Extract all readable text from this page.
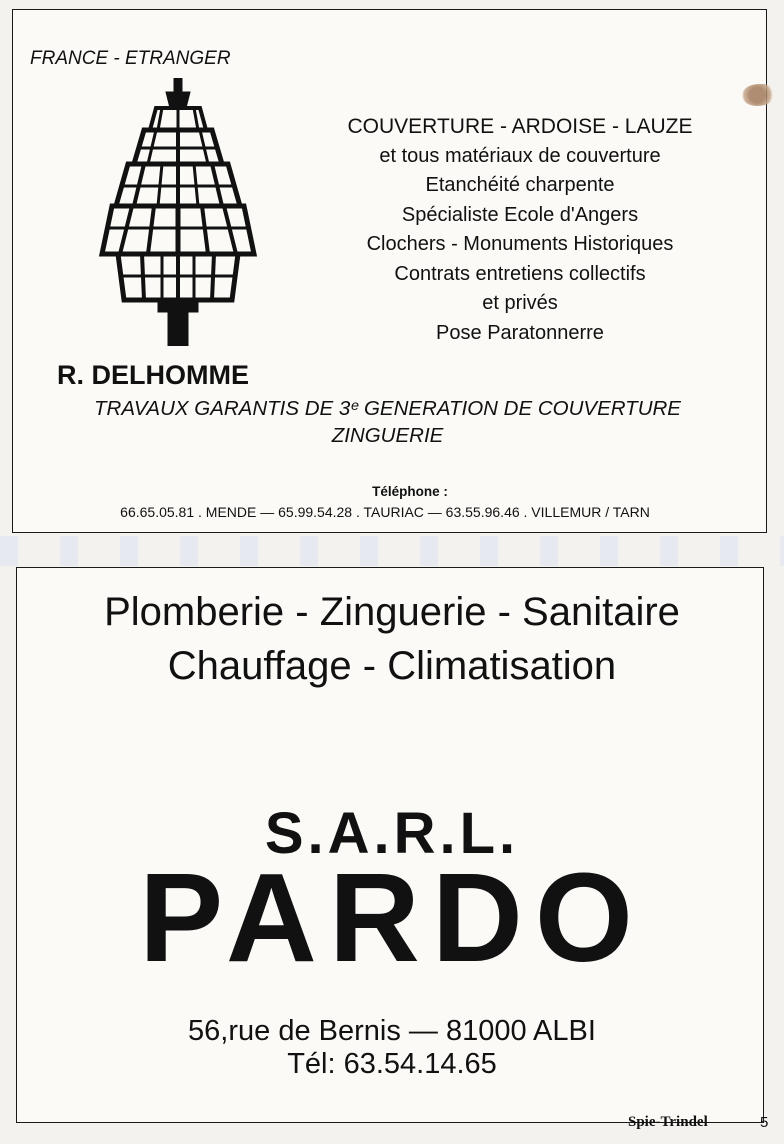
FRANCE - ETRANGER
COUVERTURE - ARDOISE - LAUZE
et tous matériaux de couverture
Etanchéité charpente
Spécialiste Ecole d'Angers
Clochers - Monuments Historiques
Contrats entretiens collectifs
et privés
Pose Paratonnerre
R. DELHOMME

TRAVAUX GARANTIS DE 3ᵉ GENERATION DE COUVERTURE
ZINGUERIE

Téléphone :
66.65.05.81 . MENDE — 65.99.54.28 . TAURIAC — 63.55.96.46 . VILLEMUR / TARN

Plomberie - Zinguerie - Sanitaire

Chauffage - Climatisation

S.A.R.L.
PARDO
56,rue de Bernis — 81000 ALBI
Tél: 63.54.14.65
Spie-Trindel	5
